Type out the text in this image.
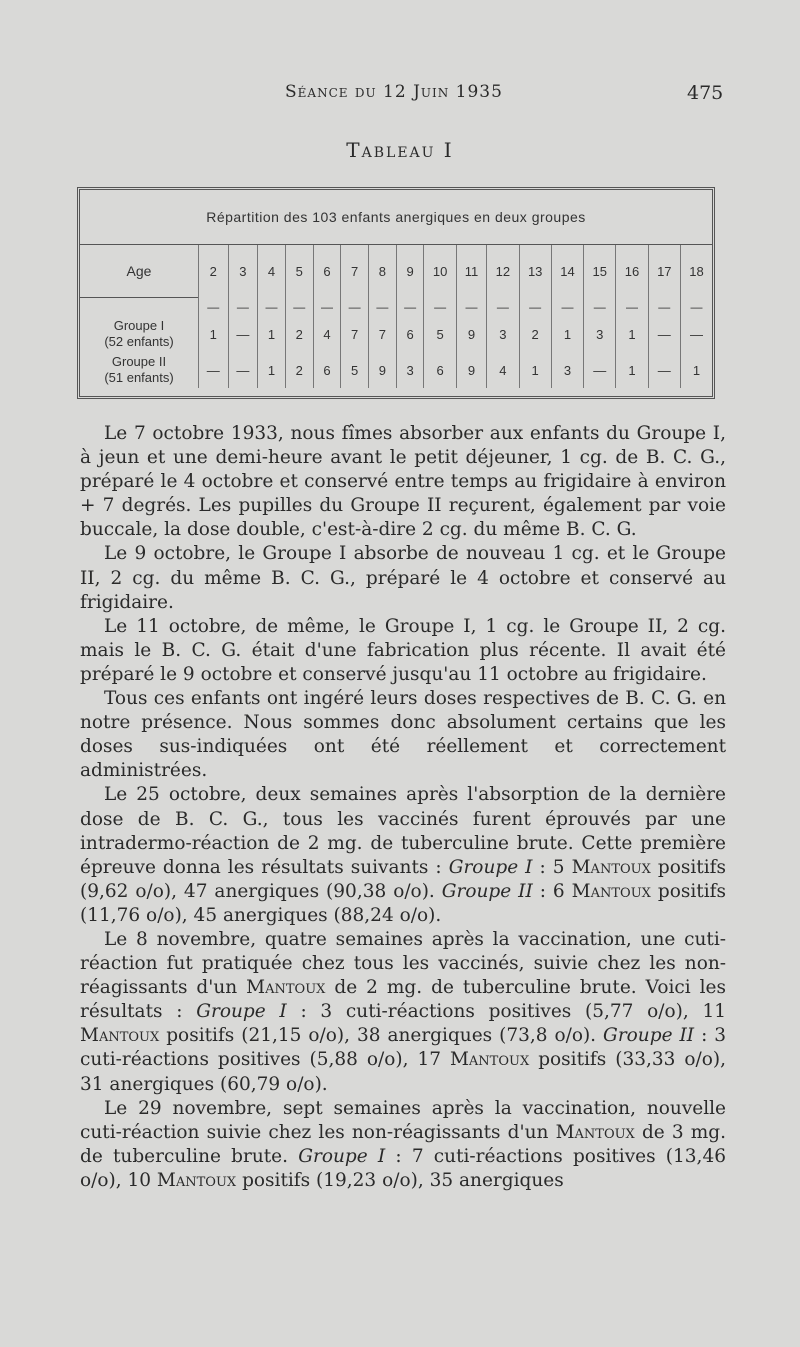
Séance du 12 Juin 1935	475
Tableau I
Répartition des 103 enfants anergiques en deux groupes																	
Age	2	3	4	5	6	7	8	9	10	11	12	13	14	15	16	17	18
	—	—	—	—	—	—	—	—	—	—	—	—	—	—	—	—	—

Groupe I
(52 enfants)	1	—	1	2	4	7	7	6	5	9	3	2	1	3	1	—	—

Groupe II
(51 enfants)	—	—	1	2	6	5	9	3	6	9	4	1	3	—	1	—	1

Le 7 octobre 1933, nous fîmes absorber aux enfants du Groupe I, à jeun et une demi-heure avant le petit déjeuner, 1 cg. de B. C. G., préparé le 4 octobre et conservé entre temps au frigidaire à environ + 7 degrés. Les pupilles du Groupe II reçurent, également par voie buccale, la dose double, c'est-à-dire 2 cg. du même B. C. G.

Le 9 octobre, le Groupe I absorbe de nouveau 1 cg. et le Groupe II, 2 cg. du même B. C. G., préparé le 4 octobre et conservé au frigidaire.

Le 11 octobre, de même, le Groupe I, 1 cg. le Groupe II, 2 cg. mais le B. C. G. était d'une fabrication plus récente. Il avait été préparé le 9 octobre et conservé jusqu'au 11 octobre au frigidaire.

Tous ces enfants ont ingéré leurs doses respectives de B. C. G. en notre présence. Nous sommes donc absolument certains que les doses sus-indiquées ont été réellement et correctement administrées.

Le 25 octobre, deux semaines après l'absorption de la dernière dose de B. C. G., tous les vaccinés furent éprouvés par une intradermo-réaction de 2 mg. de tuberculine brute. Cette première épreuve donna les résultats suivants : Groupe I : 5 Mantoux positifs (9,62 o/o), 47 anergiques (90,38 o/o). Groupe II : 6 Mantoux positifs (11,76 o/o), 45 anergiques (88,24 o/o).

Le 8 novembre, quatre semaines après la vaccination, une cuti-réaction fut pratiquée chez tous les vaccinés, suivie chez les non-réagissants d'un Mantoux de 2 mg. de tuberculine brute. Voici les résultats : Groupe I : 3 cuti-réactions positives (5,77 o/o), 11 Mantoux positifs (21,15 o/o), 38 anergiques (73,8 o/o). Groupe II : 3 cuti-réactions positives (5,88 o/o), 17 Mantoux positifs (33,33 o/o), 31 anergiques (60,79 o/o).

Le 29 novembre, sept semaines après la vaccination, nouvelle cuti-réaction suivie chez les non-réagissants d'un Mantoux de 3 mg. de tuberculine brute. Groupe I : 7 cuti-réactions positives (13,46 o/o), 10 Mantoux positifs (19,23 o/o), 35 anergiques
